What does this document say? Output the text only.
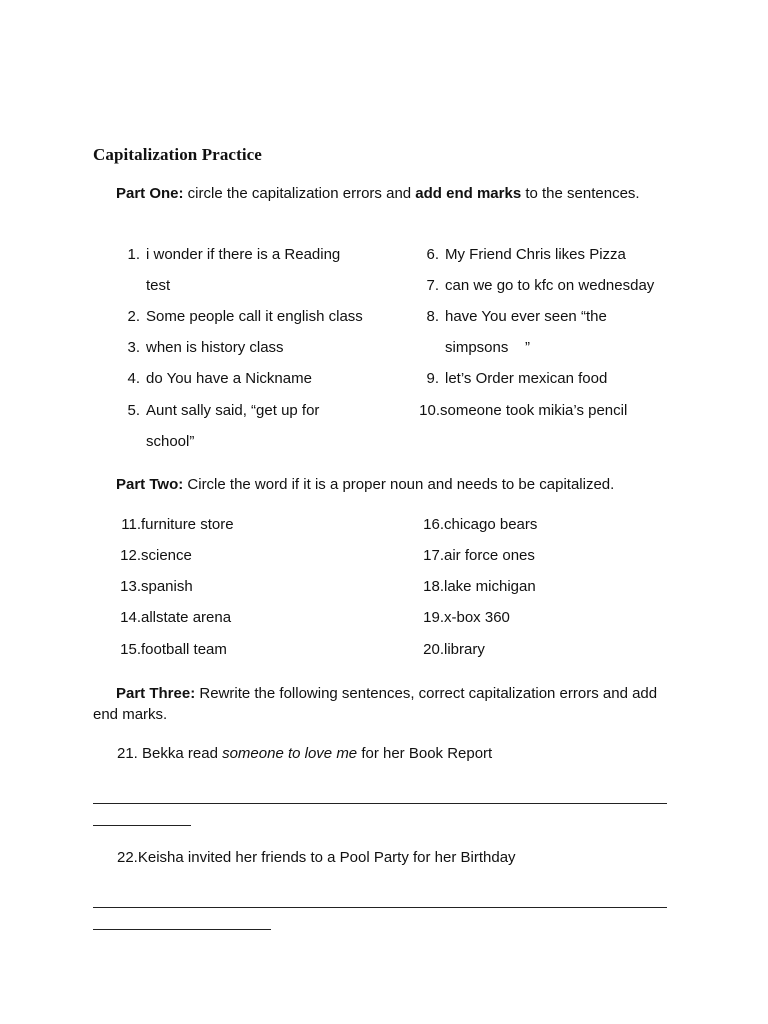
Capitalization Practice
Part One: circle the capitalization errors and add end marks to the sentences.
1. i wonder if there is a Reading
test
2. Some people call it english class
3. when is history class
4. do You have a Nickname
5. Aunt sally said, “get up for
school”
6. My Friend Chris likes Pizza
7. can we go to kfc on wednesday
8. have You ever seen “the
simpsons    ”
9. let’s Order mexican food
10.someone took mikia’s pencil
Part Two: Circle the word if it is a proper noun and needs to be capitalized.
11.furniture store
12.science
13.spanish
14.allstate arena
15.football team
16.chicago bears
17.air force ones
18.lake michigan
19.x-box 360
20.library
Part Three: Rewrite the following sentences, correct capitalization errors and add end marks.
21. Bekka read someone to love me for her Book Report
22.Keisha invited her friends to a Pool Party for her Birthday
